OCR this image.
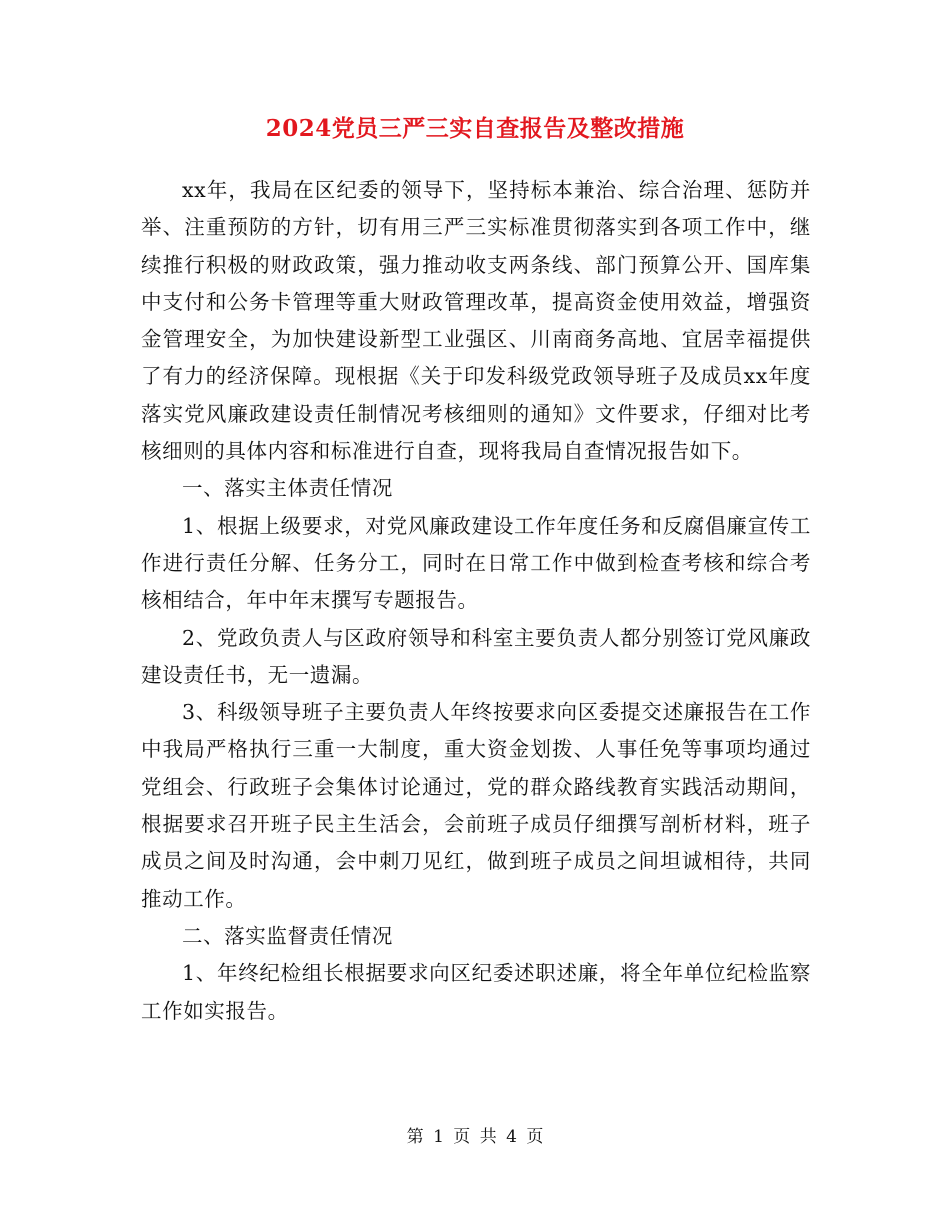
2024党员三严三实自查报告及整改措施

xx年，我局在区纪委的领导下，坚持标本兼治、综合治理、惩防并举、注重预防的方针，切有用三严三实标准贯彻落实到各项工作中，继续推行积极的财政政策，强力推动收支两条线、部门预算公开、国库集中支付和公务卡管理等重大财政管理改革，提高资金使用效益，增强资金管理安全，为加快建设新型工业强区、川南商务高地、宜居幸福提供了有力的经济保障。现根据《关于印发科级党政领导班子及成员xx年度落实党风廉政建设责任制情况考核细则的通知》文件要求，仔细对比考核细则的具体内容和标准进行自查，现将我局自查情况报告如下。

一、落实主体责任情况

1、根据上级要求，对党风廉政建设工作年度任务和反腐倡廉宣传工作进行责任分解、任务分工，同时在日常工作中做到检查考核和综合考核相结合，年中年末撰写专题报告。

2、党政负责人与区政府领导和科室主要负责人都分别签订党风廉政建设责任书，无一遗漏。

3、科级领导班子主要负责人年终按要求向区委提交述廉报告在工作中我局严格执行三重一大制度，重大资金划拨、人事任免等事项均通过党组会、行政班子会集体讨论通过，党的群众路线教育实践活动期间，根据要求召开班子民主生活会，会前班子成员仔细撰写剖析材料，班子成员之间及时沟通，会中刺刀见红，做到班子成员之间坦诚相待，共同推动工作。

二、落实监督责任情况

1、年终纪检组长根据要求向区纪委述职述廉，将全年单位纪检监察工作如实报告。

第 1 页 共 4 页
